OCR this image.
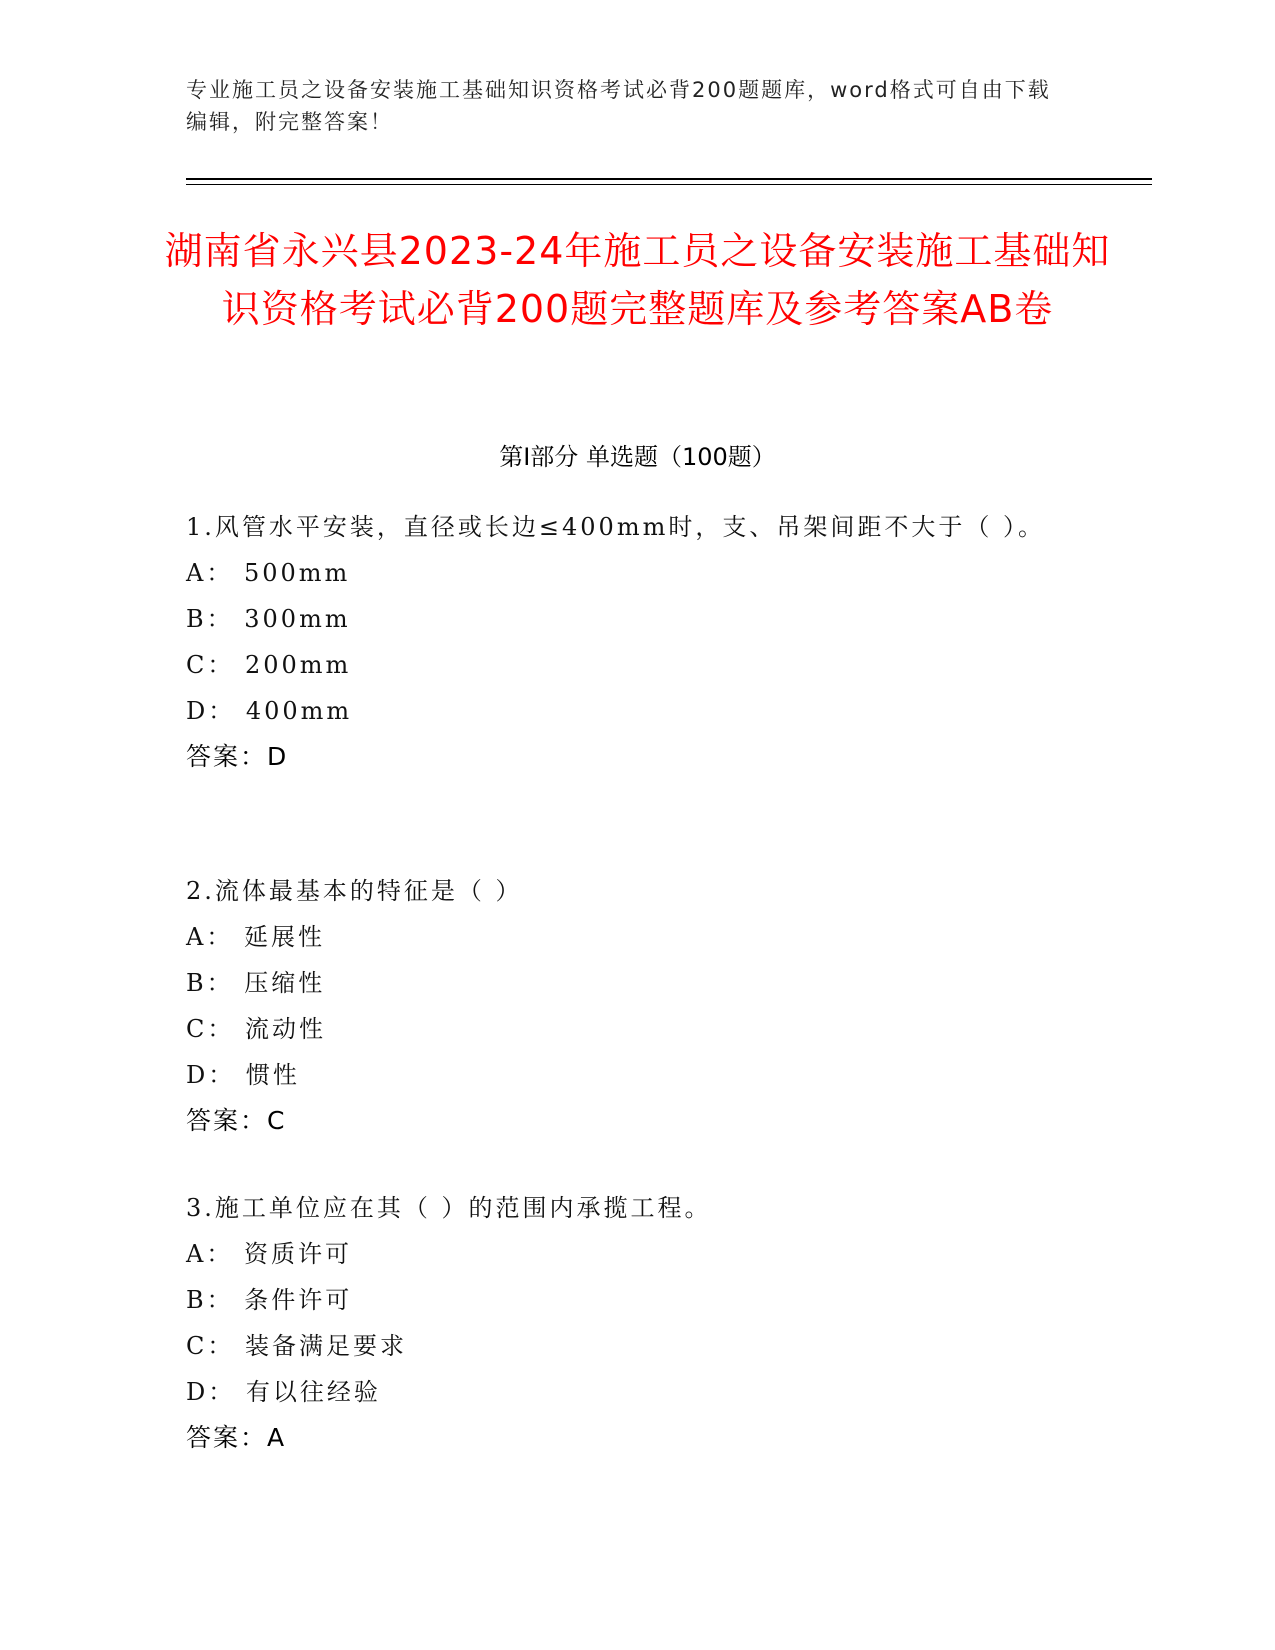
专业施工员之设备安装施工基础知识资格考试必背200题题库，word格式可自由下载编辑，附完整答案！
湖南省永兴县2023-24年施工员之设备安装施工基础知识资格考试必背200题完整题库及参考答案AB卷
第I部分 单选题（100题）
1.风管水平安装，直径或长边≤400mm时，支、吊架间距不大于（ ）。
A： 500mm
B： 300mm
C： 200mm
D： 400mm
答案：D
2.流体最基本的特征是（ ）
A： 延展性
B： 压缩性
C： 流动性
D： 惯性
答案：C
3.施工单位应在其（ ）的范围内承揽工程。
A： 资质许可
B： 条件许可
C： 装备满足要求
D： 有以往经验
答案：A
